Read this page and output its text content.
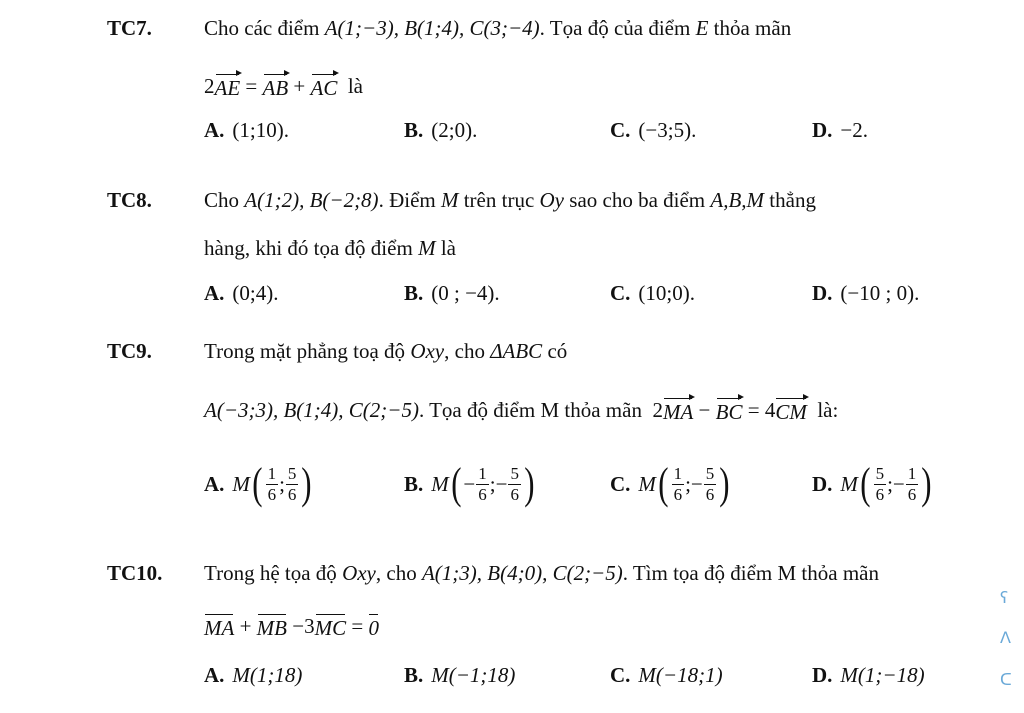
TC7. Cho các điểm
A(1;−3), B(1;4), C(3;−4) . Tọa độ của điểm
E
thỏa mãn
2 AE
=
AB
+
AC
là
A. (1;10).	B. (2;0).	C. (−3;5).	D. −2.
TC8. Cho
A(1;2), B(−2;8) . Điểm
M
trên trục
Oy
sao cho ba điểm
A,B,M
thẳng
hàng, khi đó tọa độ điểm
M
là
A. (0;4).	B. (0 ; −4).	C. (10;0).	D. (−10 ; 0).
TC9. Trong mặt phẳng toạ độ
Oxy , cho
ΔABC
có
A(−3;3), B(1;4), C(2;−5) . Tọa độ điểm M thỏa mãn
2 MA
−
BC
=
4 CM
là:
A. M ( $\frac{1}{6}$ ; $\frac{5}{6}$ )	B. M ( − $\frac{1}{6}$ ; − $\frac{5}{6}$ )	C. M ( $\frac{1}{6}$ ; − $\frac{5}{6}$ )	D. M ( $\frac{5}{6}$ ; − $\frac{1}{6}$ )
TC10. Trong hệ tọa độ
Oxy , cho
A(1;3), B(4;0), C(2;−5) . Tìm tọa độ điểm M thỏa mãn
MA
+
MB
−3 MC
=
0
A. M(1;18)	B. M(−1;18)	C. M(−18;1)	D. M(1;−18)
ʕ
Ʌ
ᑕ
